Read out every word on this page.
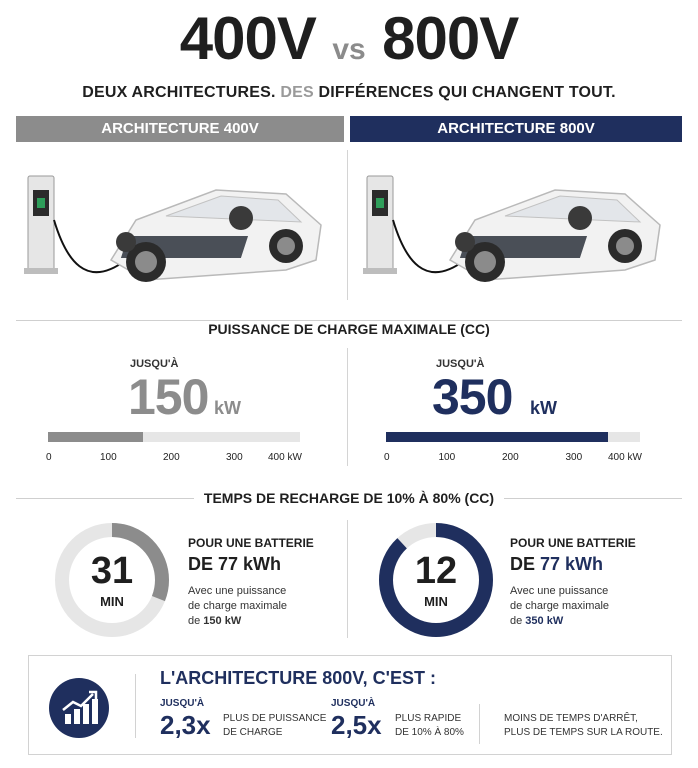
400V vs 800V
DEUX ARCHITECTURES. DES DIFFÉRENCES QUI CHANGENT TOUT.
ARCHITECTURE 400V	ARCHITECTURE 800V
PUISSANCE DE CHARGE MAXIMALE (CC)
JUSQU'À
150 kW
0	100	200	300	400 kW
JUSQU'À
350 kW
0	100	200	300	400 kW
TEMPS DE RECHARGE DE 10% À 80% (CC)
31
MIN
POUR UNE BATTERIE
DE 77 kWh
Avec une puissance
de charge maximale
de 150 kW
12
MIN
POUR UNE BATTERIE
DE 77 kWh
Avec une puissance
de charge maximale
de 350 kW
L'ARCHITECTURE 800V, C'EST :
JUSQU'À
2,3x PLUS DE PUISSANCE
DE CHARGE
JUSQU'À
2,5x PLUS RAPIDE
DE 10% À 80%
MOINS DE TEMPS D'ARRÊT,
PLUS DE TEMPS SUR LA ROUTE.
